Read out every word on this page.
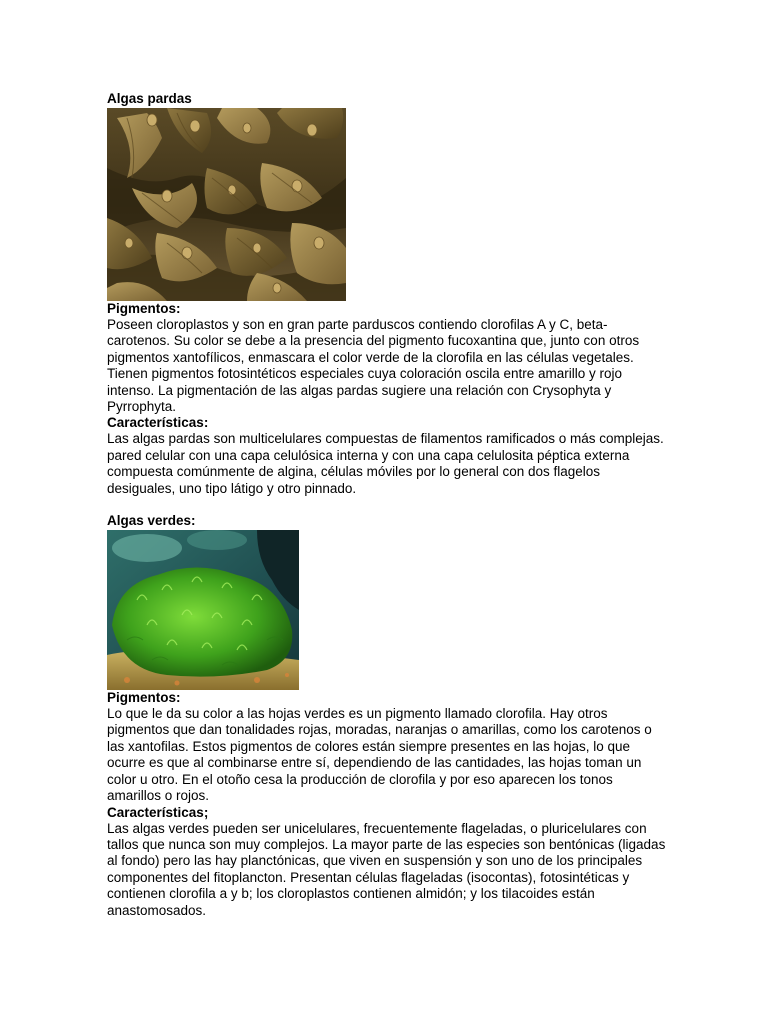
Algas pardas

Pigmentos:

Poseen cloroplastos y son en gran parte parduscos contiendo clorofilas A y C, beta-carotenos. Su color se debe a la presencia del pigmento fucoxantina que, junto con otros pigmentos xantofílicos, enmascara el color verde de la clorofila en las células vegetales. Tienen pigmentos fotosintéticos especiales cuya coloración oscila entre amarillo y rojo intenso. La pigmentación de las algas pardas sugiere una relación con Crysophyta y Pyrrophyta.

Características:

Las algas pardas son multicelulares compuestas de filamentos ramificados o más complejas. pared celular con una capa celulósica interna y con una capa celulosita péptica externa compuesta comúnmente de algina, células móviles por lo general con dos flagelos desiguales, uno tipo látigo y otro pinnado.

Algas verdes:

Pigmentos:

Lo que le da su color a las hojas verdes es un pigmento llamado clorofila. Hay otros pigmentos que dan tonalidades rojas, moradas, naranjas o amarillas, como los carotenos o las xantofilas. Estos pigmentos de colores están siempre presentes en las hojas, lo que ocurre es que al combinarse entre sí, dependiendo de las cantidades, las hojas toman un color u otro. En el otoño cesa la producción de clorofila y por eso aparecen los tonos amarillos o rojos.

Características;

Las algas verdes pueden ser unicelulares, frecuentemente flageladas, o pluricelulares con tallos que nunca son muy complejos. La mayor parte de las especies son bentónicas (ligadas al fondo) pero las hay planctónicas, que viven en suspensión y son uno de los principales componentes del fitoplancton. Presentan células flageladas (isocontas), fotosintéticas y contienen clorofila a y b; los cloroplastos contienen almidón; y los tilacoides están anastomosados.
